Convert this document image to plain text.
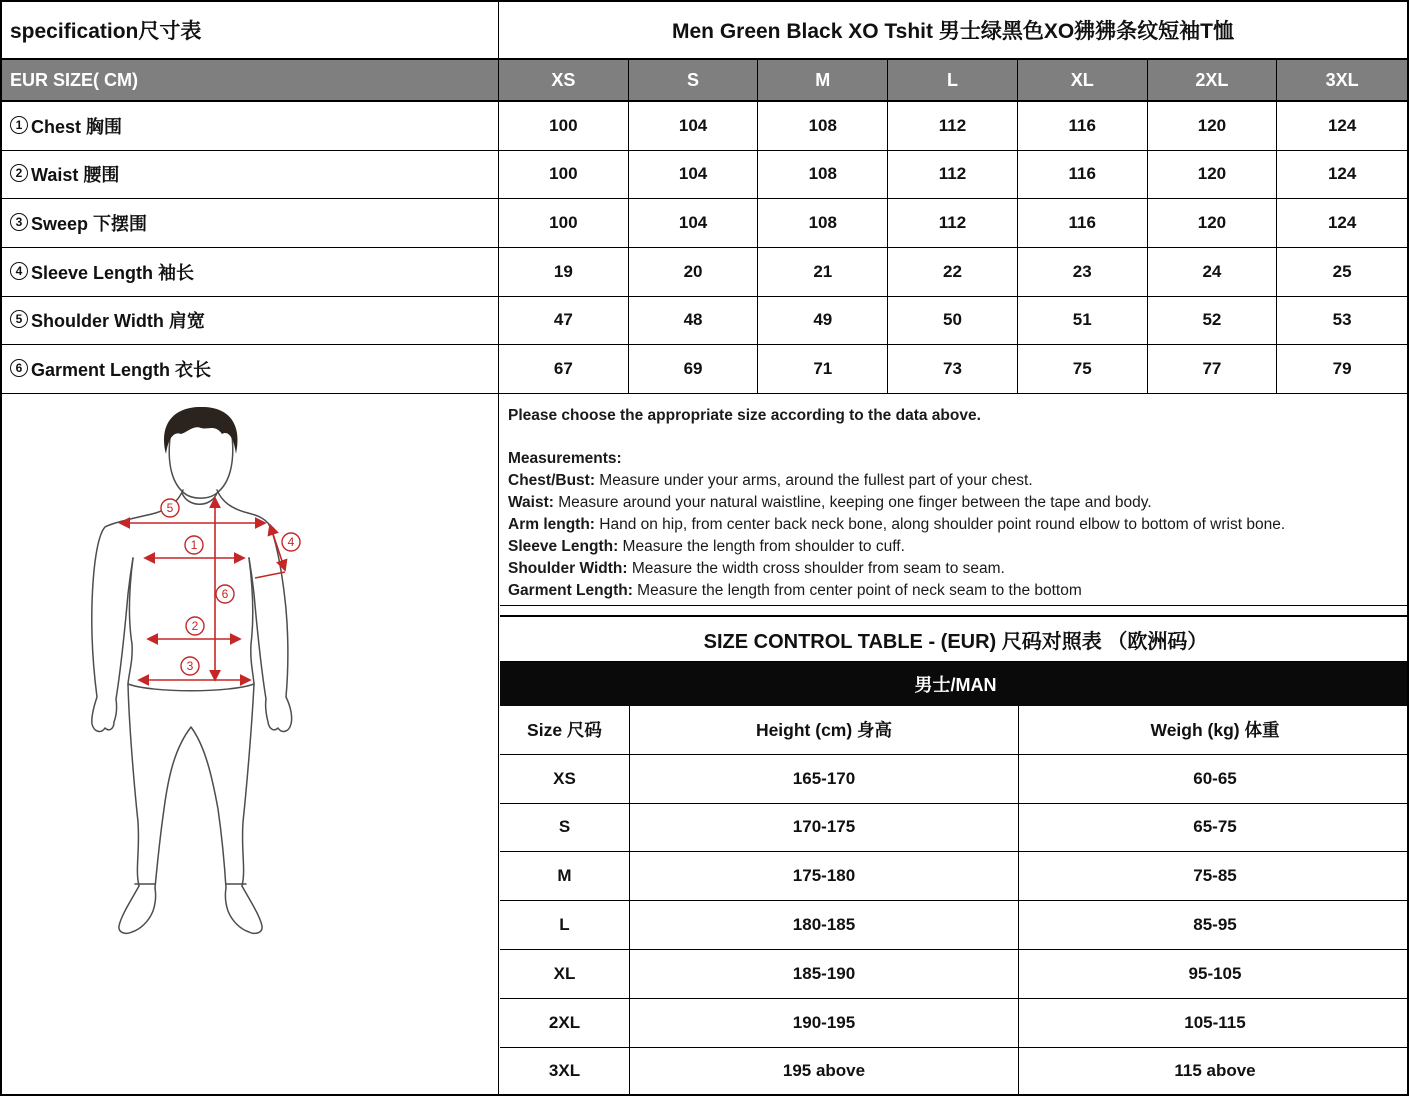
specification尺寸表	Men Green Black XO Tshit 男士绿黑色XO狒狒条纹短袖T恤
EUR SIZE( CM)	XS	S	M	L	XL	2XL	3XL
1 Chest 胸围	100	104	108	112	116	120	124
2 Waist 腰围	100	104	108	112	116	120	124
3 Sweep 下摆围	100	104	108	112	116	120	124
4 Sleeve Length 袖长	19	20	21	22	23	24	25
5 Shoulder Width 肩宽	47	48	49	50	51	52	53
6 Garment Length 衣长	67	69	71	73	75	77	79
5
1	4
6
2
3
Please choose the appropriate size according to the data above.
Measurements:
Chest/Bust: Measure under your arms, around the fullest part of your chest.
Waist: Measure around your natural waistline, keeping one finger between the tape and body.
Arm length: Hand on hip, from center back neck bone, along shoulder point round elbow to bottom of wrist bone.
Sleeve Length: Measure the length from shoulder to cuff.
Shoulder Width: Measure the width cross shoulder from seam to seam.
Garment Length: Measure the length from center point of neck seam to the bottom
SIZE CONTROL TABLE - (EUR) 尺码对照表 （欧洲码）
男士/MAN
Size 尺码	Height (cm) 身高	Weigh (kg) 体重
XS	165-170	60-65
S	170-175	65-75
M	175-180	75-85
L	180-185	85-95
XL	185-190	95-105
2XL	190-195	105-115
3XL	195 above	115 above
